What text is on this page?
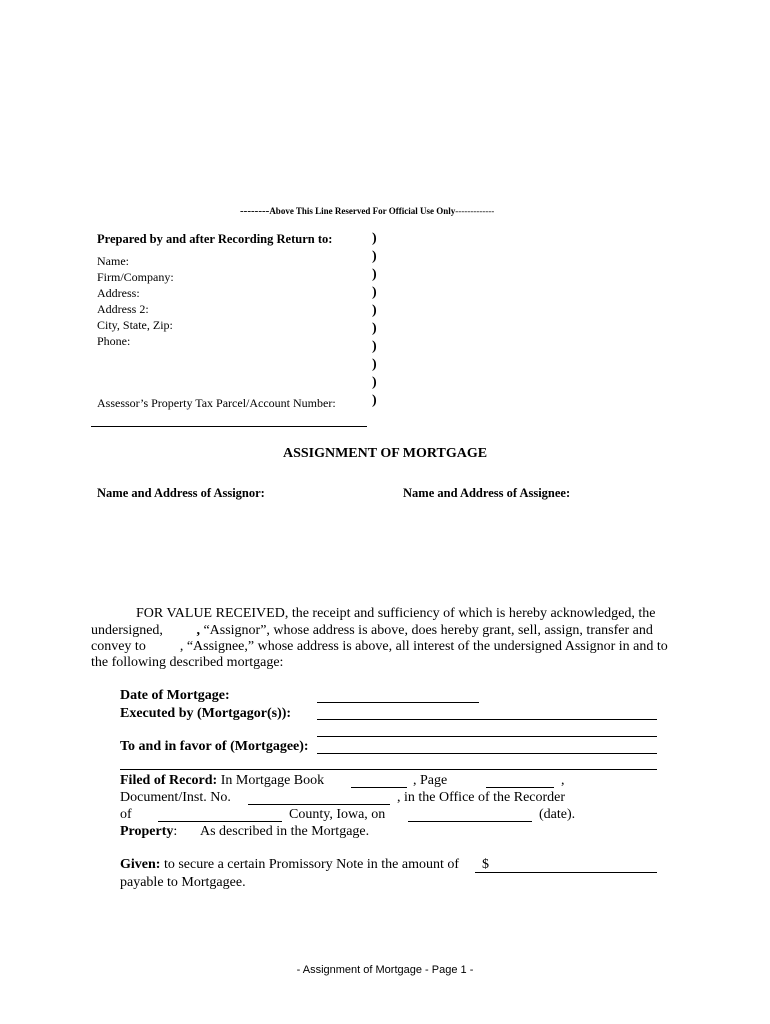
--------Above This Line Reserved For Official Use Only-------------
Prepared by and after Recording Return to:
Name:
Firm/Company:
Address:
Address 2:
City, State, Zip:
Phone:
Assessor’s Property Tax Parcel/Account Number:
)
)
)
)
)
)
)
)
)
)
ASSIGNMENT OF MORTGAGE
Name and Address of Assignor:	Name and Address of Assignee:
FOR VALUE RECEIVED, the receipt and sufficiency of which is hereby acknowledged, the
undersigned, , “Assignor”, whose address is above, does hereby grant, sell, assign, transfer and
convey to , “Assignee,” whose address is above, all interest of the undersigned Assignor in and to
the following described mortgage:
Date of Mortgage:
Executed by (Mortgagor(s)):
To and in favor of (Mortgagee):
Filed of Record: In Mortgage Book	, Page	,
Document/Inst. No.	, in the Office of the Recorder
of	County, Iowa, on	(date).
Property: As described in the Mortgage.
Given: to secure a certain Promissory Note in the amount of $
payable to Mortgagee.
- Assignment of Mortgage - Page 1 -
